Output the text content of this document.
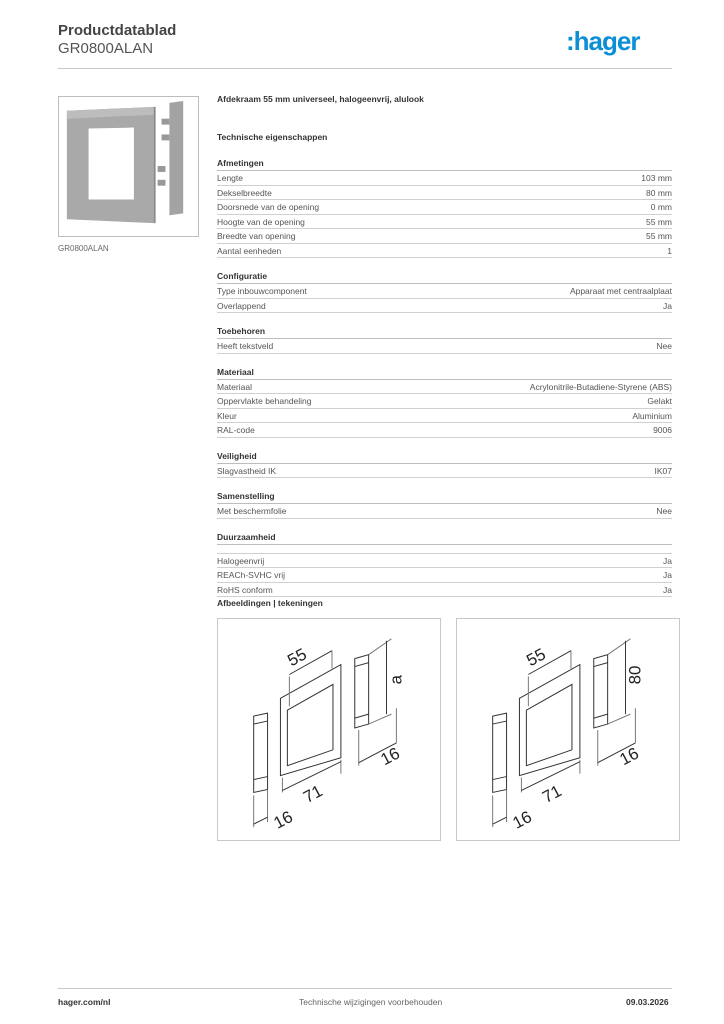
Productdatablad
GR0800ALAN	:hager
GR0800ALAN
Afdekraam 55 mm universeel, halogeenvrij, alulook
Technische eigenschappen
Afmetingen
Lengte	103 mm
Dekselbreedte	80 mm
Doorsnede van de opening	0 mm
Hoogte van de opening	55 mm
Breedte van opening	55 mm
Aantal eenheden	1
Configuratie
Type inbouwcomponent	Apparaat met centraalplaat
Overlappend	Ja
Toebehoren
Heeft tekstveld	Nee
Materiaal
Materiaal	Acrylonitrile-Butadiene-Styrene (ABS)
Oppervlakte behandeling	Gelakt
Kleur	Aluminium
RAL-code	9006
Veiligheid
Slagvastheid IK	IK07
Samenstelling
Met beschermfolie	Nee
Duurzaamheid
Halogeenvrij	Ja
REACh-SVHC vrij	Ja
RoHS conform	Ja
Afbeeldingen | tekeningen
55
a
16
71
16
55
80
16
71
16
hager.com/nl	Technische wijzigingen voorbehouden	09.03.2026
